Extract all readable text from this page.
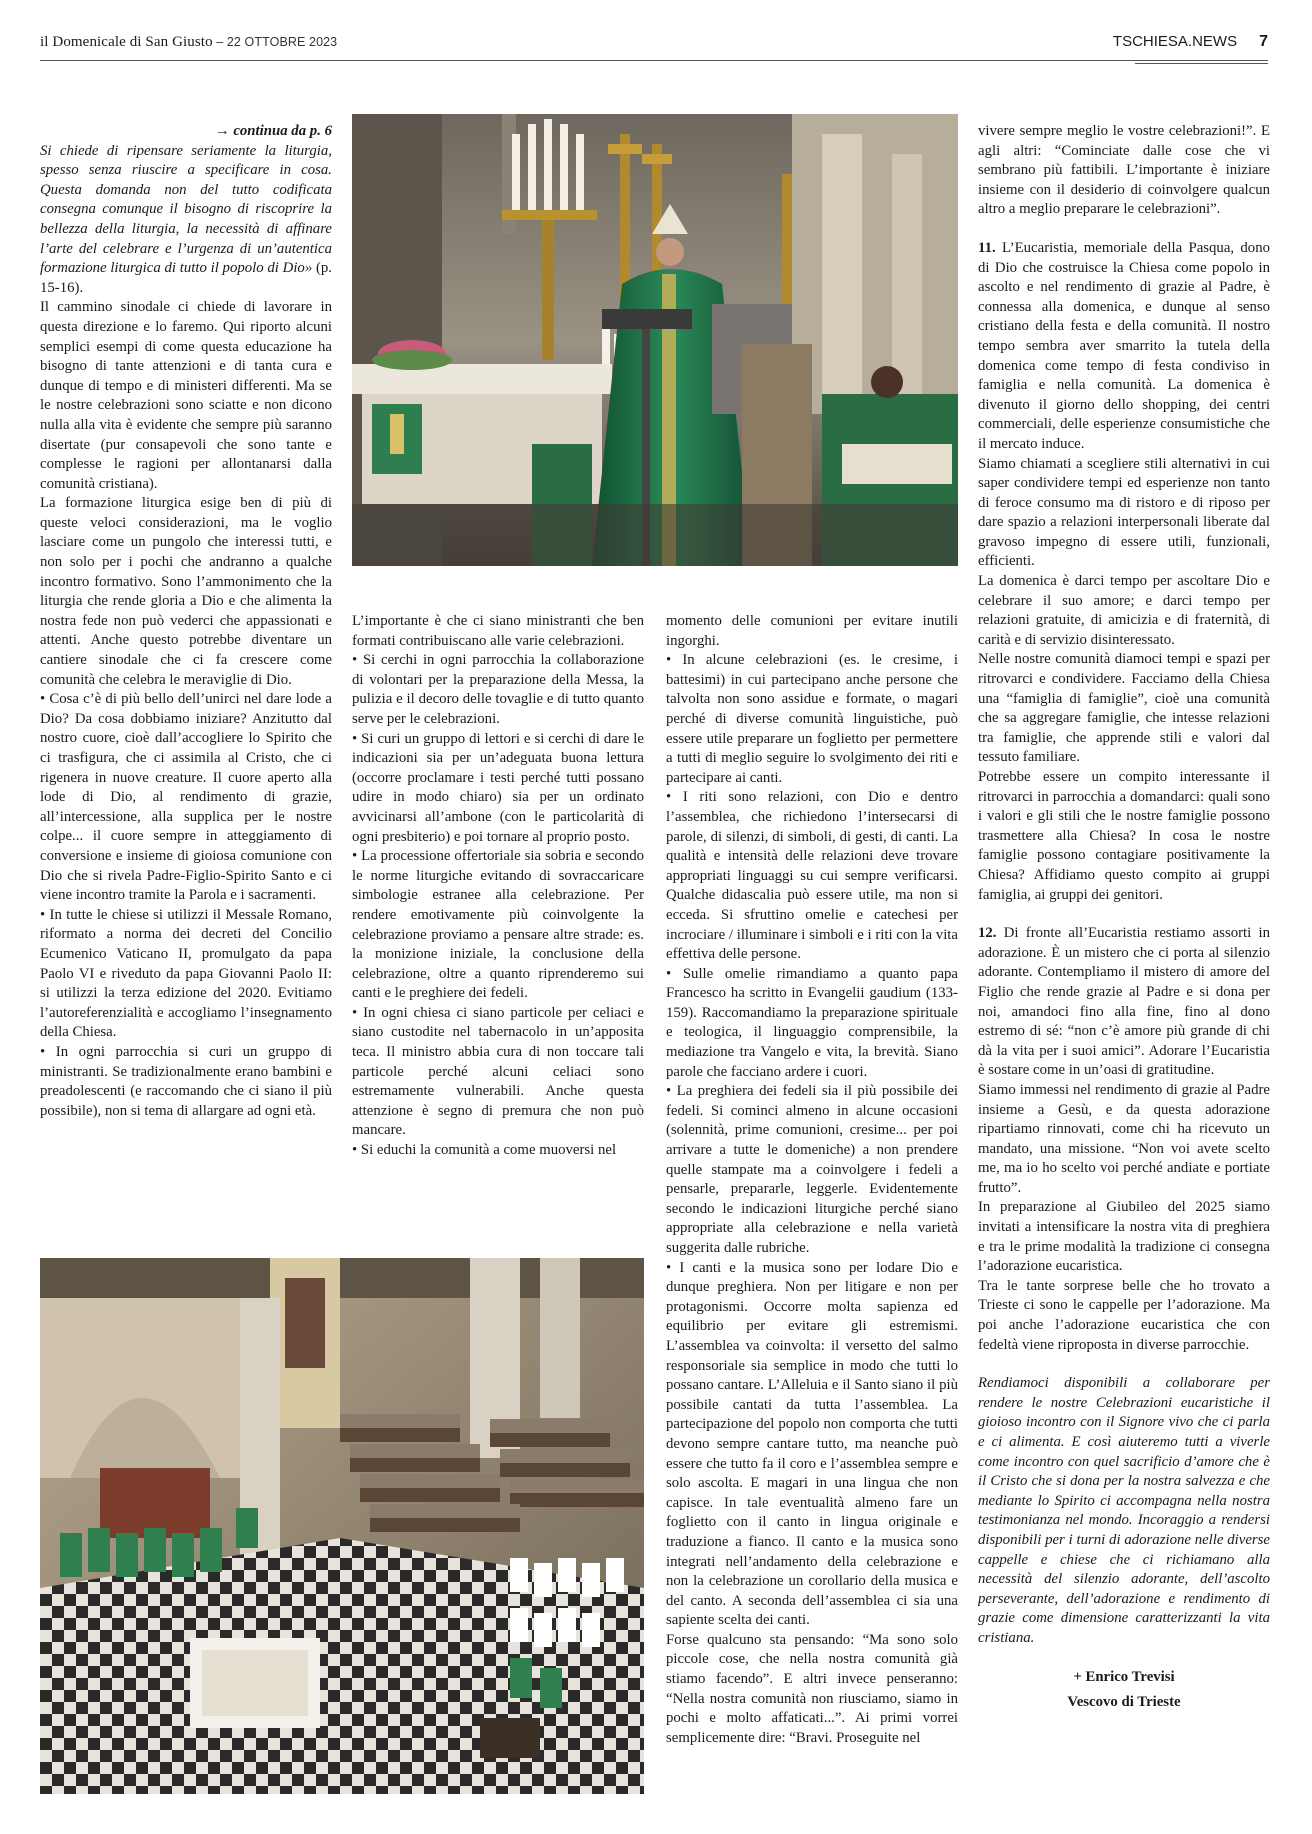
il Domenicale di San Giusto – 22 OTTOBRE 2023	TSCHIESA.NEWS 7

→ continua da p. 6

Si chiede di ripensare seriamente la liturgia, spesso senza riuscire a specificare in cosa. Questa domanda non del tutto codificata consegna comunque il bisogno di riscoprire la bellezza della liturgia, la necessità di affinare l’arte del celebrare e l’urgenza di un’autentica formazione liturgica di tutto il popolo di Dio» (p. 15-16).

Il cammino sinodale ci chiede di lavorare in questa direzione e lo faremo. Qui riporto alcuni semplici esempi di come questa educazione ha bisogno di tante attenzioni e di tanta cura e dunque di tempo e di ministeri differenti. Ma se le nostre celebrazioni sono sciatte e non dicono nulla alla vita è evidente che sempre più saranno disertate (pur consapevoli che sono tante e complesse le ragioni per allontanarsi dalla comunità cristiana).

La formazione liturgica esige ben di più di queste veloci considerazioni, ma le voglio lasciare come un pungolo che interessi tutti, e non solo per i pochi che andranno a qualche incontro formativo. Sono l’ammonimento che la liturgia che rende gloria a Dio e che alimenta la nostra fede non può vederci che appassionati e attenti. Anche questo potrebbe diventare un cantiere sinodale che ci fa crescere come comunità che celebra le meraviglie di Dio.

• Cosa c’è di più bello dell’unirci nel dare lode a Dio? Da cosa dobbiamo iniziare? Anzitutto dal nostro cuore, cioè dall’accogliere lo Spirito che ci trasfigura, che ci assimila al Cristo, che ci rigenera in nuove creature. Il cuore aperto alla lode di Dio, al rendimento di grazie, all’intercessione, alla supplica per le nostre colpe... il cuore sempre in atteggiamento di conversione e insieme di gioiosa comunione con Dio che si rivela Padre-Figlio-Spirito Santo e ci viene incontro tramite la Parola e i sacramenti.

• In tutte le chiese si utilizzi il Messale Romano, riformato a norma dei decreti del Concilio Ecumenico Vaticano II, promulgato da papa Paolo VI e riveduto da papa Giovanni Paolo II: si utilizzi la terza edizione del 2020. Evitiamo l’autoreferenzialità e accogliamo l’insegnamento della Chiesa.

• In ogni parrocchia si curi un gruppo di ministranti. Se tradizionalmente erano bambini e preadolescenti (e raccomando che ci siano il più possibile), non si tema di allargare ad ogni età.

L’importante è che ci siano ministranti che ben formati contribuiscano alle varie celebrazioni.

• Si cerchi in ogni parrocchia la collaborazione di volontari per la preparazione della Messa, la pulizia e il decoro delle tovaglie e di tutto quanto serve per le celebrazioni.

• Si curi un gruppo di lettori e si cerchi di dare le indicazioni sia per un’adeguata buona lettura (occorre proclamare i testi perché tutti possano udire in modo chiaro) sia per un ordinato avvicinarsi all’ambone (con le particolarità di ogni presbiterio) e poi tornare al proprio posto.

• La processione offertoriale sia sobria e secondo le norme liturgiche evitando di sovraccaricare simbologie estranee alla celebrazione. Per rendere emotivamente più coinvolgente la celebrazione proviamo a pensare altre strade: es. la monizione iniziale, la conclusione della celebrazione, oltre a quanto riprenderemo sui canti e le preghiere dei fedeli.

• In ogni chiesa ci siano particole per celiaci e siano custodite nel tabernacolo in un’apposita teca. Il ministro abbia cura di non toccare tali particole perché alcuni celiaci sono estremamente vulnerabili. Anche questa attenzione è segno di premura che non può mancare.

• Si educhi la comunità a come muoversi nel

momento delle comunioni per evitare inutili ingorghi.

• In alcune celebrazioni (es. le cresime, i battesimi) in cui partecipano anche persone che talvolta non sono assidue e formate, o magari perché di diverse comunità linguistiche, può essere utile preparare un foglietto per permettere a tutti di meglio seguire lo svolgimento dei riti e partecipare ai canti.

• I riti sono relazioni, con Dio e dentro l’assemblea, che richiedono l’intersecarsi di parole, di silenzi, di simboli, di gesti, di canti. La qualità e intensità delle relazioni deve trovare appropriati linguaggi su cui sempre verificarsi. Qualche didascalia può essere utile, ma non si ecceda. Si sfruttino omelie e catechesi per incrociare / illuminare i simboli e i riti con la vita effettiva delle persone.

• Sulle omelie rimandiamo a quanto papa Francesco ha scritto in Evangelii gaudium (133-159). Raccomandiamo la preparazione spirituale e teologica, il linguaggio comprensibile, la mediazione tra Vangelo e vita, la brevità. Siano parole che facciano ardere i cuori.

• La preghiera dei fedeli sia il più possibile dei fedeli. Si cominci almeno in alcune occasioni (solennità, prime comunioni, cresime... per poi arrivare a tutte le domeniche) a non prendere quelle stampate ma a coinvolgere i fedeli a pensarle, prepararle, leggerle. Evidentemente secondo le indicazioni liturgiche perché siano appropriate alla celebrazione e nella varietà suggerita dalle rubriche.

• I canti e la musica sono per lodare Dio e dunque preghiera. Non per litigare e non per protagonismi. Occorre molta sapienza ed equilibrio per evitare gli estremismi. L’assemblea va coinvolta: il versetto del salmo responsoriale sia semplice in modo che tutti lo possano cantare. L’Alleluia e il Santo siano il più possibile cantati da tutta l’assemblea. La partecipazione del popolo non comporta che tutti devono sempre cantare tutto, ma neanche può essere che tutto fa il coro e l’assemblea sempre e solo ascolta. E magari in una lingua che non capisce. In tale eventualità almeno fare un foglietto con il canto in lingua originale e traduzione a fianco. Il canto e la musica sono integrati nell’andamento della celebrazione e non la celebrazione un corollario della musica e del canto. A seconda dell’assemblea ci sia una sapiente scelta dei canti.

Forse qualcuno sta pensando: “Ma sono solo piccole cose, che nella nostra comunità già stiamo facendo”. E altri invece penseranno: “Nella nostra comunità non riusciamo, siamo in pochi e molto affaticati...”. Ai primi vorrei semplicemente dire: “Bravi. Proseguite nel

vivere sempre meglio le vostre celebrazioni!”. E agli altri: “Cominciate dalle cose che vi sembrano più fattibili. L’importante è iniziare insieme con il desiderio di coinvolgere qualcun altro a meglio preparare le celebrazioni”.

11. L’Eucaristia, memoriale della Pasqua, dono di Dio che costruisce la Chiesa come popolo in ascolto e nel rendimento di grazie al Padre, è connessa alla domenica, e dunque al senso cristiano della festa e della comunità. Il nostro tempo sembra aver smarrito la tutela della domenica come tempo di festa condiviso in famiglia e nella comunità. La domenica è divenuto il giorno dello shopping, dei centri commerciali, delle esperienze consumistiche che il mercato induce.

Siamo chiamati a scegliere stili alternativi in cui saper condividere tempi ed esperienze non tanto di feroce consumo ma di ristoro e di riposo per dare spazio a relazioni interpersonali liberate dal gravoso impegno di essere utili, funzionali, efficienti.

La domenica è darci tempo per ascoltare Dio e celebrare il suo amore; e darci tempo per relazioni gratuite, di amicizia e di fraternità, di carità e di servizio disinteressato.

Nelle nostre comunità diamoci tempi e spazi per ritrovarci e condividere. Facciamo della Chiesa una “famiglia di famiglie”, cioè una comunità che sa aggregare famiglie, che intesse relazioni tra famiglie, che apprende stili e valori dal tessuto familiare.

Potrebbe essere un compito interessante il ritrovarci in parrocchia a domandarci: quali sono i valori e gli stili che le nostre famiglie possono trasmettere alla Chiesa? In cosa le nostre famiglie possono contagiare positivamente la Chiesa? Affidiamo questo compito ai gruppi famiglia, ai gruppi dei genitori.

12. Di fronte all’Eucaristia restiamo assorti in adorazione. È un mistero che ci porta al silenzio adorante. Contempliamo il mistero di amore del Figlio che rende grazie al Padre e si dona per noi, amandoci fino alla fine, fino al dono estremo di sé: “non c’è amore più grande di chi dà la vita per i suoi amici”. Adorare l’Eucaristia è sostare come in un’oasi di gratitudine.

Siamo immessi nel rendimento di grazie al Padre insieme a Gesù, e da questa adorazione ripartiamo rinnovati, come chi ha ricevuto un mandato, una missione. “Non voi avete scelto me, ma io ho scelto voi perché andiate e portiate frutto”.

In preparazione al Giubileo del 2025 siamo invitati a intensificare la nostra vita di preghiera e tra le prime modalità la tradizione ci consegna l’adorazione eucaristica.

Tra le tante sorprese belle che ho trovato a Trieste ci sono le cappelle per l’adorazione. Ma poi anche l’adorazione eucaristica che con fedeltà viene riproposta in diverse parrocchie.

Rendiamoci disponibili a collaborare per rendere le nostre Celebrazioni eucaristiche il gioioso incontro con il Signore vivo che ci parla e ci alimenta. E così aiuteremo tutti a viverle come incontro con quel sacrificio d’amore che è il Cristo che si dona per la nostra salvezza e che mediante lo Spirito ci accompagna nella nostra testimonianza nel mondo. Incoraggio a rendersi disponibili per i turni di adorazione nelle diverse cappelle e chiese che ci richiamano alla necessità del silenzio adorante, dell’ascolto perseverante, dell’adorazione e rendimento di grazie come dimensione caratterizzanti la vita cristiana.

+ Enrico Trevisi

Vescovo di Trieste
